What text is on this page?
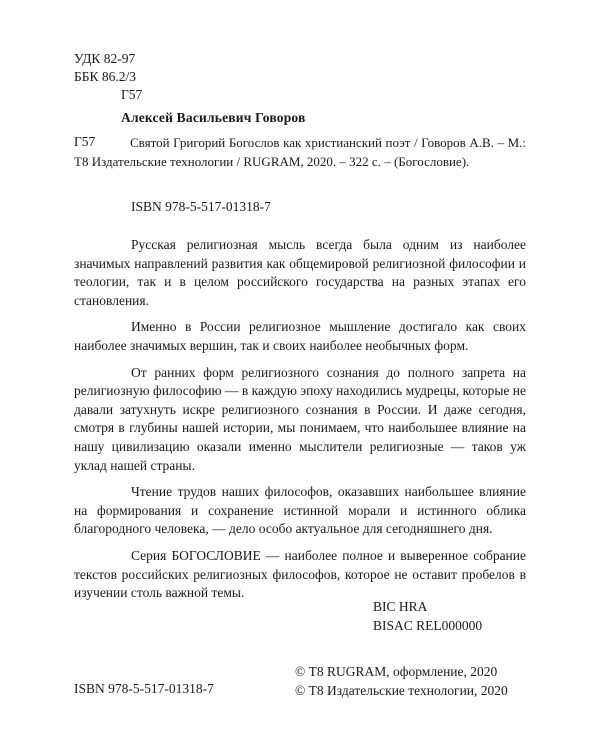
УДК 82-97
ББК 86.2/3
Г57
Алексей Васильевич Говоров
Г57	Святой Григорий Богослов как христианский поэт / Говоров А.В. – М.: Т8 Издательские технологии / RUGRAM, 2020. – 322 с. – (Богословие).
ISBN 978-5-517-01318-7

Русская религиозная мысль всегда была одним из наиболее значимых направлений развития как общемировой религиозной философии и теологии, так и в целом российского государства на разных этапах его становления.

Именно в России религиозное мышление достигало как своих наиболее значимых вершин, так и своих наиболее необычных форм.

От ранних форм религиозного сознания до полного запрета на религиозную философию — в каждую эпоху находились мудрецы, которые не давали затухнуть искре религиозного сознания в России. И даже сегодня, смотря в глубины нашей истории, мы понимаем, что наибольшее влияние на нашу цивилизацию оказали именно мыслители религиозные — таков уж уклад нашей страны.

Чтение трудов наших философов, оказавших наибольшее влияние на формирования и сохранение истинной морали и истинного облика благородного человека, — дело особо актуальное для сегодняшнего дня.

Серия БОГОСЛОВИЕ — наиболее полное и выверенное собрание текстов российских религиозных философов, которое не оставит пробелов в изучении столь важной темы.

BIC HRA
BISAC REL000000
© Т8 RUGRAM, оформление, 2020
© Т8 Издательские технологии, 2020
ISBN 978-5-517-01318-7
